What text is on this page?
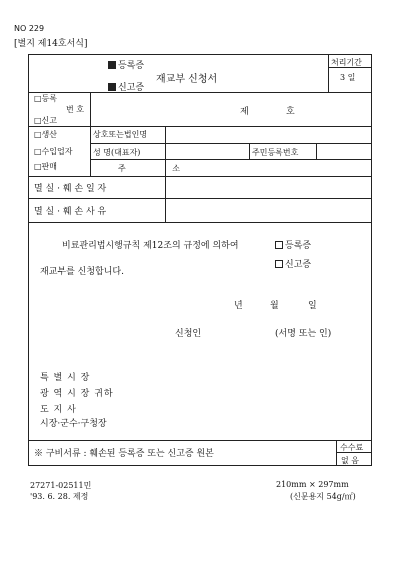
NO 229
[별지 제14호서식]
등록증
재교부 신청서
신고증
처리기간
3 일
□등록
번 호
□신고
제	호
□생산
□수입업자
□판매
상호또는법인명
성 명(대표자)	주민등록번호
주 소
멸 실 · 훼 손 일 자
멸 실 · 훼 손 사 유
비료관리법시행규칙 제12조의 규정에 의하여	등록증
신고증
재교부를 신청합니다.
년	월	일
신청인	(서명 또는 인)
특 별 시 장
광 역 시 장 귀하
도 지 사
시장·군수·구청장
※ 구비서류 : 훼손된 등록증 또는 신고증 원본
수수료
없 음
27271-02511민
'93. 6. 28. 제정
210mm × 297mm
(신문용지 54g/㎡)
